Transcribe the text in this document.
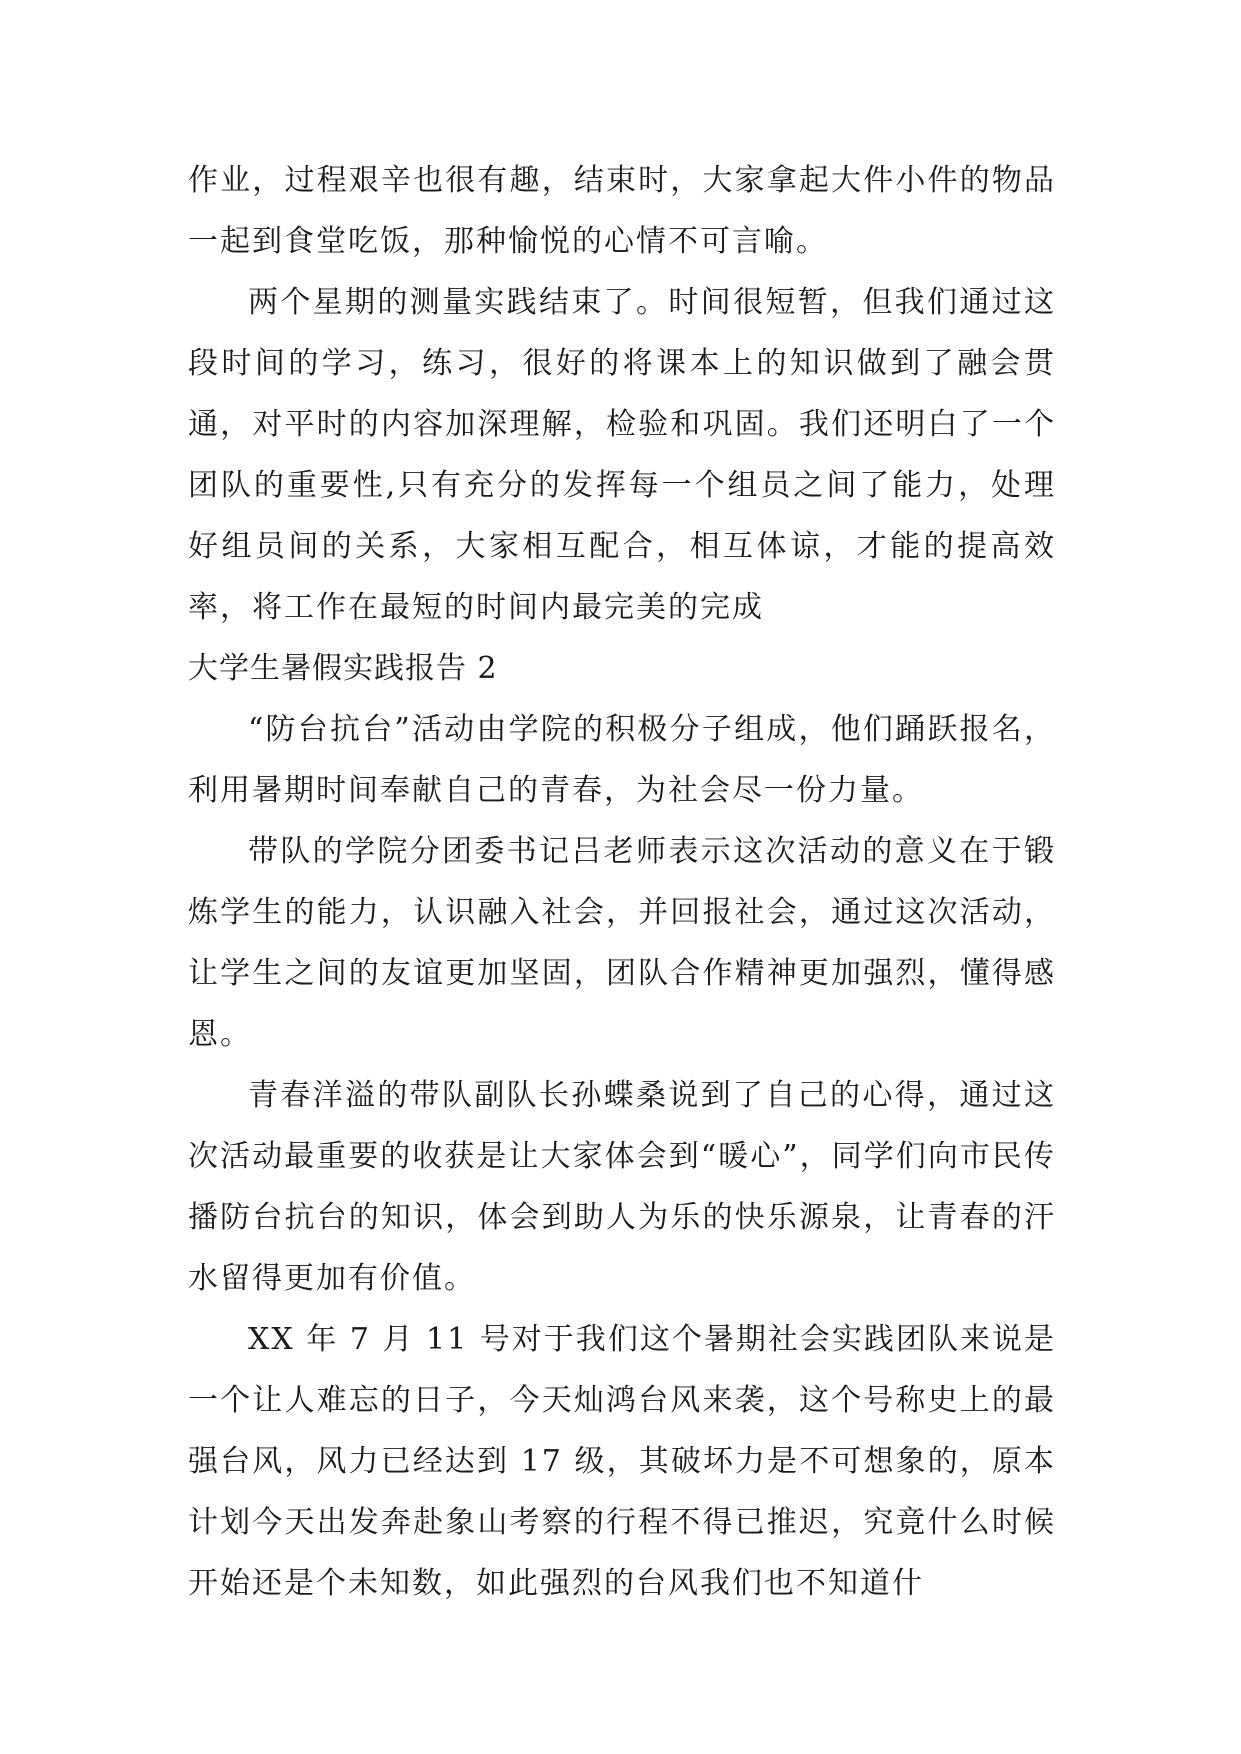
作业，过程艰辛也很有趣，结束时，大家拿起大件小件的物品一起到食堂吃饭，那种愉悦的心情不可言喻。

两个星期的测量实践结束了。时间很短暂，但我们通过这段时间的学习，练习，很好的将课本上的知识做到了融会贯通，对平时的内容加深理解，检验和巩固。我们还明白了一个团队的重要性,只有充分的发挥每一个组员之间了能力，处理好组员间的关系，大家相互配合，相互体谅，才能的提高效率，将工作在最短的时间内最完美的完成

大学生暑假实践报告 2

“防台抗台”活动由学院的积极分子组成，他们踊跃报名，利用暑期时间奉献自己的青春，为社会尽一份力量。

带队的学院分团委书记吕老师表示这次活动的意义在于锻炼学生的能力，认识融入社会，并回报社会，通过这次活动，让学生之间的友谊更加坚固，团队合作精神更加强烈，懂得感恩。

青春洋溢的带队副队长孙蝶桑说到了自己的心得，通过这次活动最重要的收获是让大家体会到“暖心”，同学们向市民传播防台抗台的知识，体会到助人为乐的快乐源泉，让青春的汗水留得更加有价值。

XX 年 7 月 11 号对于我们这个暑期社会实践团队来说是一个让人难忘的日子，今天灿鸿台风来袭，这个号称史上的最强台风，风力已经达到 17 级，其破坏力是不可想象的，原本计划今天出发奔赴象山考察的行程不得已推迟，究竟什么时候开始还是个未知数，如此强烈的台风我们也不知道什
